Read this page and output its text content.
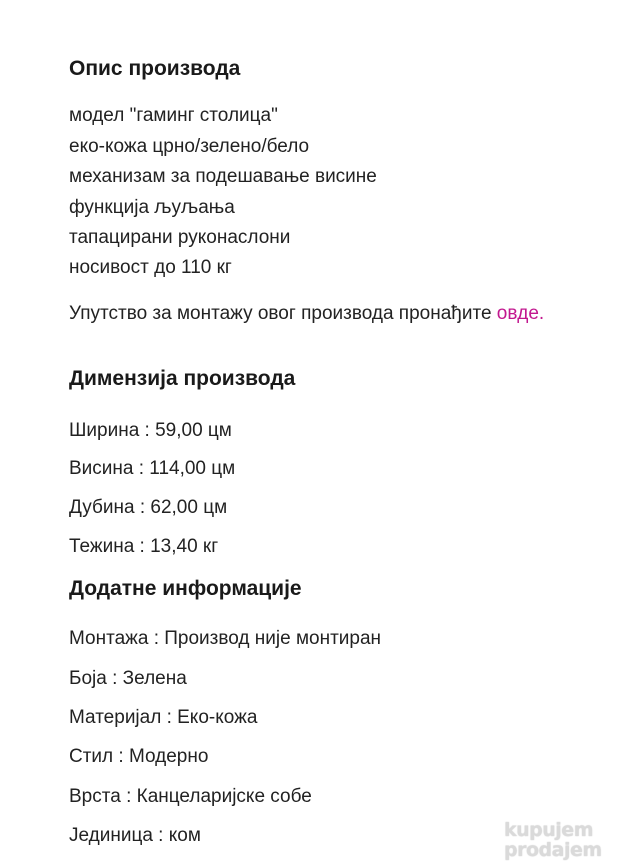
Опис производа
модел "гаминг столица"
еко-кожа црно/зелено/бело
механизам за подешавање висине
функција љуљања
тапацирани руконаслони
носивост до 110 кг
Упутство за монтажу овог производа пронађите овде.
Димензија производа
Ширина : 59,00 цм
Висина : 114,00 цм
Дубина : 62,00 цм
Тежина : 13,40 кг
Додатне информације
Монтажа : Производ није монтиран
Боја : Зелена
Материјал : Еко-кожа
Стил : Модерно
Врста : Канцеларијске собе
Јединица : ком	kupujem
prodajem
